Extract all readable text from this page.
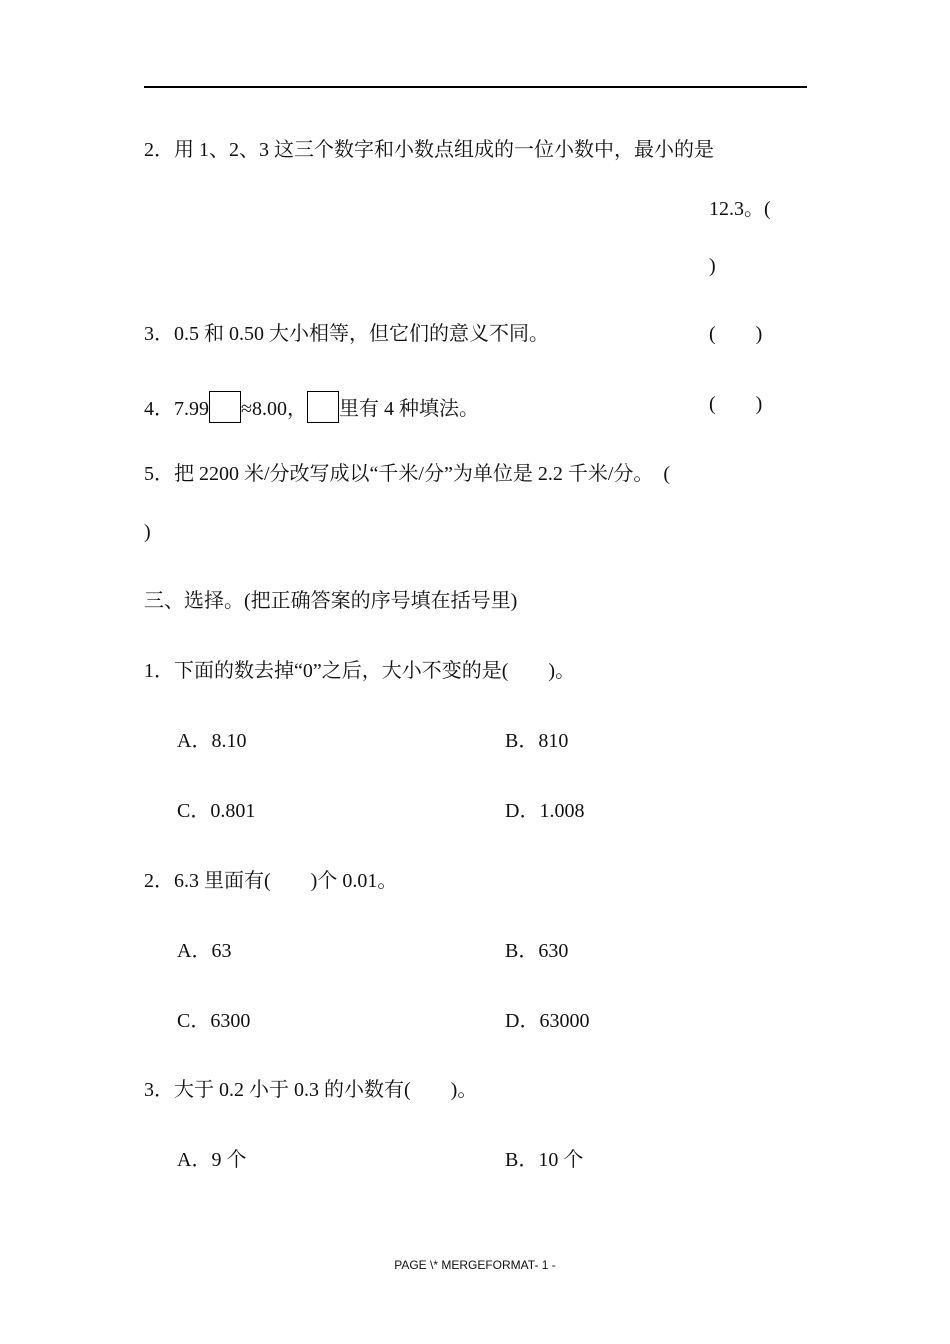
2．用 1、2、3 这三个数字和小数点组成的一位小数中，最小的是
12.3。(
)
3．0.5 和 0.50 大小相等，但它们的意义不同。	(　　)
4．7.99 ≈8.00， 里有 4 种填法。	(　　)
5．把 2200 米/分改写成以“千米/分”为单位是 2.2 千米/分。　(
)
三、选择。(把正确答案的序号填在括号里)
1．下面的数去掉“0”之后，大小不变的是(　　)。
A．8.10	B．810
C．0.801	D．1.008
2．6.3 里面有(　　)个 0.01。
A．63	B．630
C．6300	D．63000
3．大于 0.2 小于 0.3 的小数有(　　)。
A．9 个	B．10 个
PAGE \* MERGEFORMAT- 1 -
